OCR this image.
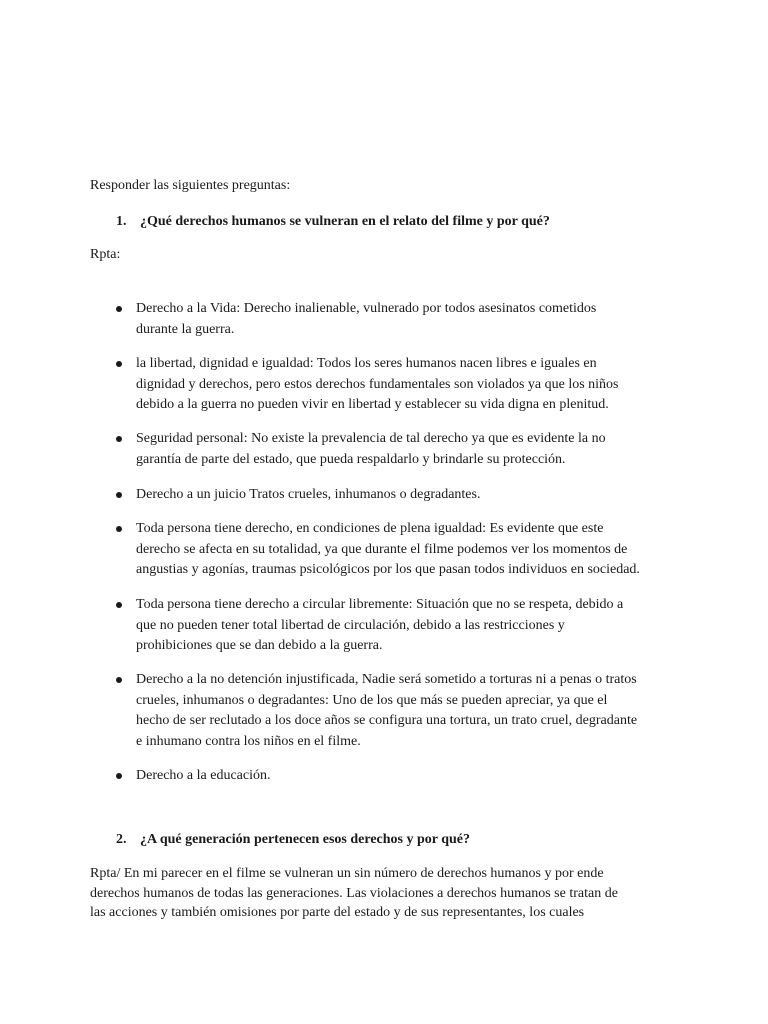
Responder las siguientes preguntas:
1. ¿Qué derechos humanos se vulneran en el relato del filme y por qué?
Rpta:
Derecho a la Vida: Derecho inalienable, vulnerado por todos asesinatos cometidos
durante la guerra.
la libertad, dignidad e igualdad: Todos los seres humanos nacen libres e iguales en
dignidad y derechos, pero estos derechos fundamentales son violados ya que los niños
debido a la guerra no pueden vivir en libertad y establecer su vida digna en plenitud.
Seguridad personal: No existe la prevalencia de tal derecho ya que es evidente la no
garantía de parte del estado, que pueda respaldarlo y brindarle su protección.
Derecho a un juicio Tratos crueles, inhumanos o degradantes.
Toda persona tiene derecho, en condiciones de plena igualdad: Es evidente que este
derecho se afecta en su totalidad, ya que durante el filme podemos ver los momentos de
angustias y agonías, traumas psicológicos por los que pasan todos individuos en sociedad.
Toda persona tiene derecho a circular libremente: Situación que no se respeta, debido a
que no pueden tener total libertad de circulación, debido a las restricciones y
prohibiciones que se dan debido a la guerra.
Derecho a la no detención injustificada, Nadie será sometido a torturas ni a penas o tratos
crueles, inhumanos o degradantes: Uno de los que más se pueden apreciar, ya que el
hecho de ser reclutado a los doce años se configura una tortura, un trato cruel, degradante
e inhumano contra los niños en el filme.
Derecho a la educación.
2. ¿A qué generación pertenecen esos derechos y por qué?
Rpta/ En mi parecer en el filme se vulneran un sin número de derechos humanos y por ende
derechos humanos de todas las generaciones. Las violaciones a derechos humanos se tratan de
las acciones y también omisiones por parte del estado y de sus representantes, los cuales
